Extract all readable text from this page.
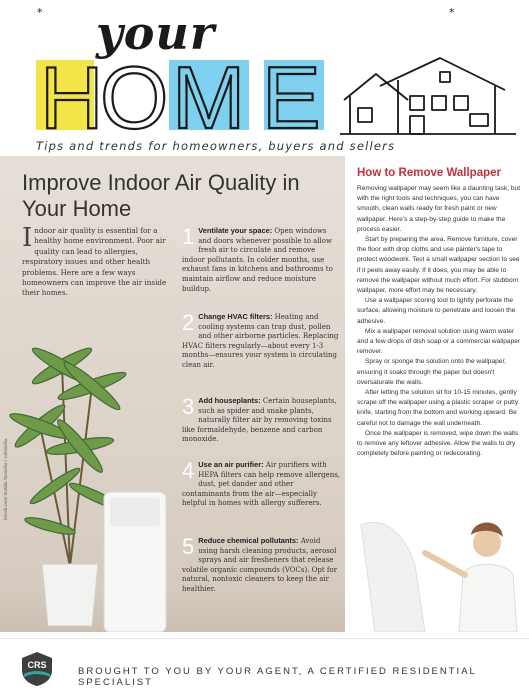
*	*
your
H
O M E
Tips and trends for homeowners, buyers and sellers
Improve Indoor Air Quality in Your Home
Indoor air quality is essential for a healthy home environment. Poor air quality can lead to allergies, respiratory issues and other health problems. Here are a few ways homeowners can improve the air inside their homes.
1 Ventilate your space: Open windows and doors whenever possible to allow fresh air to circulate and remove indoor pollutants. In colder months, use exhaust fans in kitchens and bathrooms to maintain airflow and reduce moisture buildup.
2 Change HVAC filters: Heating and cooling systems can trap dust, pollen and other airborne particles. Replacing HVAC filters regularly—about every 1-3 months—ensures your system is circulating clean air.
3 Add houseplants: Certain houseplants, such as spider and snake plants, naturally filter air by removing toxins like formaldehyde, benzene and carbon monoxide.
4 Use an air purifier: Air purifiers with HEPA filters can help remove allergens, dust, pet dander and other contaminants from the air—especially helpful in homes with allergy sufferers.
5 Reduce chemical pollutants: Avoid using harsh cleaning products, aerosol sprays and air fresheners that release volatile organic compounds (VOCs). Opt for natural, nontoxic cleaners to keep the air healthier.
iStock.com/ Suttida Tanvisha / Jobnvisha
How to Remove Wallpaper

Removing wallpaper may seem like a daunting task, but with the right tools and techniques, you can have smooth, clean walls ready for fresh paint or new wallpaper. Here's a step-by-step guide to make the process easier.

Start by preparing the area. Remove furniture, cover the floor with drop cloths and use painter's tape to protect woodwork. Test a small wallpaper section to see if it peels away easily. If it does, you may be able to remove the wallpaper without much effort. For stubborn wallpaper, more effort may be necessary.

Use a wallpaper scoring tool to lightly perforate the surface, allowing moisture to penetrate and loosen the adhesive.

Mix a wallpaper removal solution using warm water and a few drops of dish soap or a commercial wallpaper remover.

Spray or sponge the solution onto the wallpaper, ensuring it soaks through the paper but doesn't oversaturate the walls.

After letting the solution sit for 10-15 minutes, gently scrape off the wallpaper using a plastic scraper or putty knife, starting from the bottom and working upward. Be careful not to damage the wall underneath.

Once the wallpaper is removed, wipe down the walls to remove any leftover adhesive. Allow the walls to dry completely before painting or redecorating.

CRS
BROUGHT TO YOU BY YOUR AGENT, A CERTIFIED RESIDENTIAL SPECIALIST
